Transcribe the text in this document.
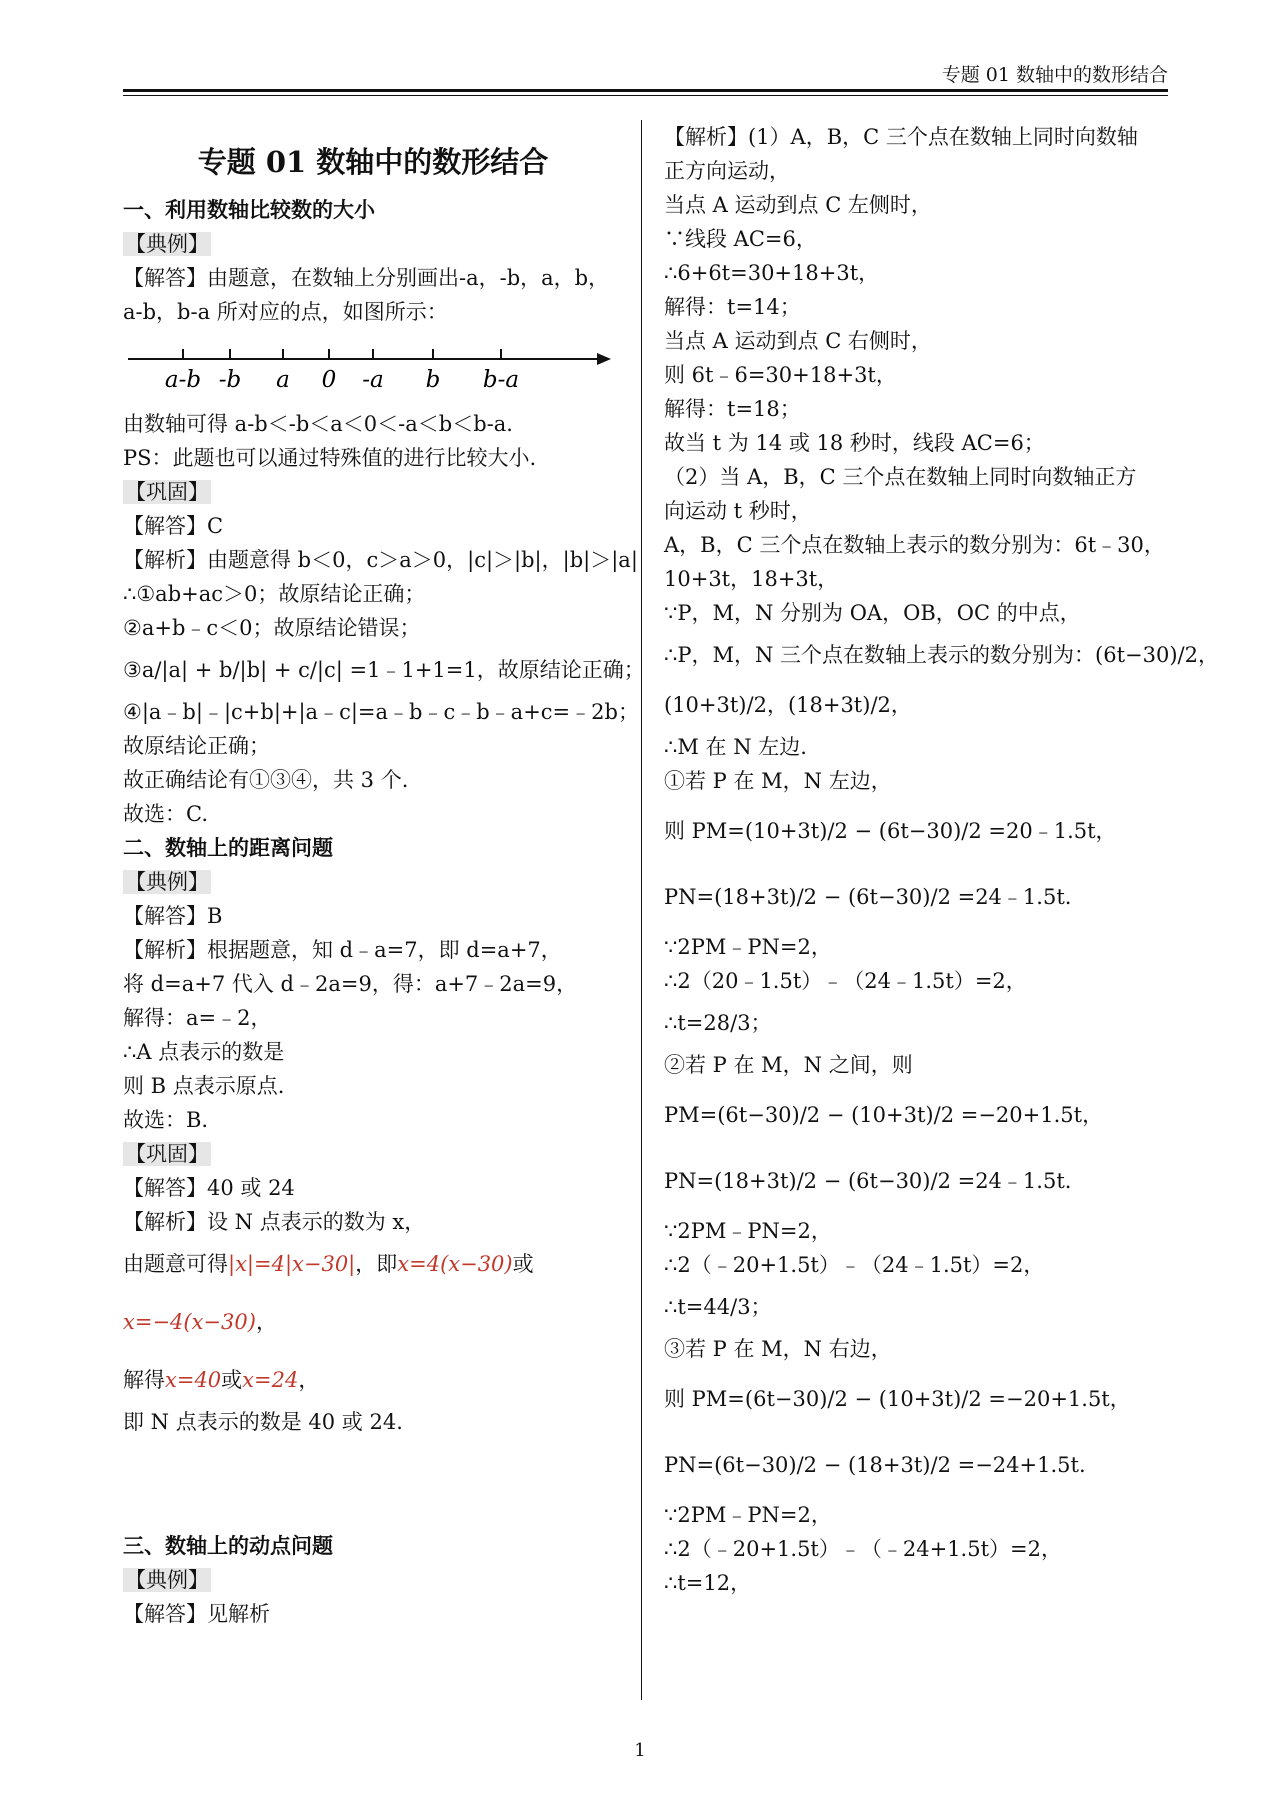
专题 01 数轴中的数形结合
专题 01 数轴中的数形结合
一、利用数轴比较数的大小
【典例】
【解答】由题意，在数轴上分别画出-a，-b，a，b，
a-b，b-a 所对应的点，如图所示：
a-b -b a 0 -a b b-a
由数轴可得 a-b＜-b＜a＜0＜-a＜b＜b-a.
PS：此题也可以通过特殊值的进行比较大小.
【巩固】
【解答】C
【解析】由题意得 b＜0，c＞a＞0，|c|＞|b|，|b|＞|a|
∴①ab+ac＞0；故原结论正确；
②a+b﹣c＜0；故原结论错误；
③a/|a| + b/|b| + c/|c| =1﹣1+1=1，故原结论正确；
④|a﹣b|﹣|c+b|+|a﹣c|=a﹣b﹣c﹣b﹣a+c=﹣2b；
故原结论正确；
故正确结论有①③④，共 3 个.
故选：C.
二、数轴上的距离问题
【典例】
【解答】B
【解析】根据题意，知 d﹣a=7，即 d=a+7，
将 d=a+7 代入 d﹣2a=9，得：a+7﹣2a=9，
解得：a=﹣2，
∴A 点表示的数是
则 B 点表示原点.
故选：B.
【巩固】
【解答】40 或 24
【解析】设 N 点表示的数为 x，
由题意可得|x|=4|x−30|，即x=4(x−30)或
x=−4(x−30)，
解得x=40或x=24，
即 N 点表示的数是 40 或 24.
三、数轴上的动点问题
【典例】
【解答】见解析
【解析】(1）A，B，C 三个点在数轴上同时向数轴
正方向运动，
当点 A 运动到点 C 左侧时，
∵线段 AC=6，
∴6+6t=30+18+3t，
解得：t=14；
当点 A 运动到点 C 右侧时，
则 6t﹣6=30+18+3t，
解得：t=18；
故当 t 为 14 或 18 秒时，线段 AC=6；
（2）当 A，B，C 三个点在数轴上同时向数轴正方
向运动 t 秒时，
A，B，C 三个点在数轴上表示的数分别为：6t﹣30，
10+3t，18+3t，
∵P，M，N 分别为 OA，OB，OC 的中点，
∴P，M，N 三个点在数轴上表示的数分别为：(6t−30)/2，
(10+3t)/2，(18+3t)/2，
∴M 在 N 左边.
①若 P 在 M，N 左边，
则 PM=(10+3t)/2 − (6t−30)/2 =20﹣1.5t，
PN=(18+3t)/2 − (6t−30)/2 =24﹣1.5t.
∵2PM﹣PN=2，
∴2（20﹣1.5t）﹣（24﹣1.5t）=2，
∴t=28/3；
②若 P 在 M，N 之间，则
PM=(6t−30)/2 − (10+3t)/2 =−20+1.5t，
PN=(18+3t)/2 − (6t−30)/2 =24﹣1.5t.
∵2PM﹣PN=2，
∴2（﹣20+1.5t）﹣（24﹣1.5t）=2，
∴t=44/3；
③若 P 在 M，N 右边，
则 PM=(6t−30)/2 − (10+3t)/2 =−20+1.5t，
PN=(6t−30)/2 − (18+3t)/2 =−24+1.5t.
∵2PM﹣PN=2，
∴2（﹣20+1.5t）﹣（﹣24+1.5t）=2，
∴t=12，
1
